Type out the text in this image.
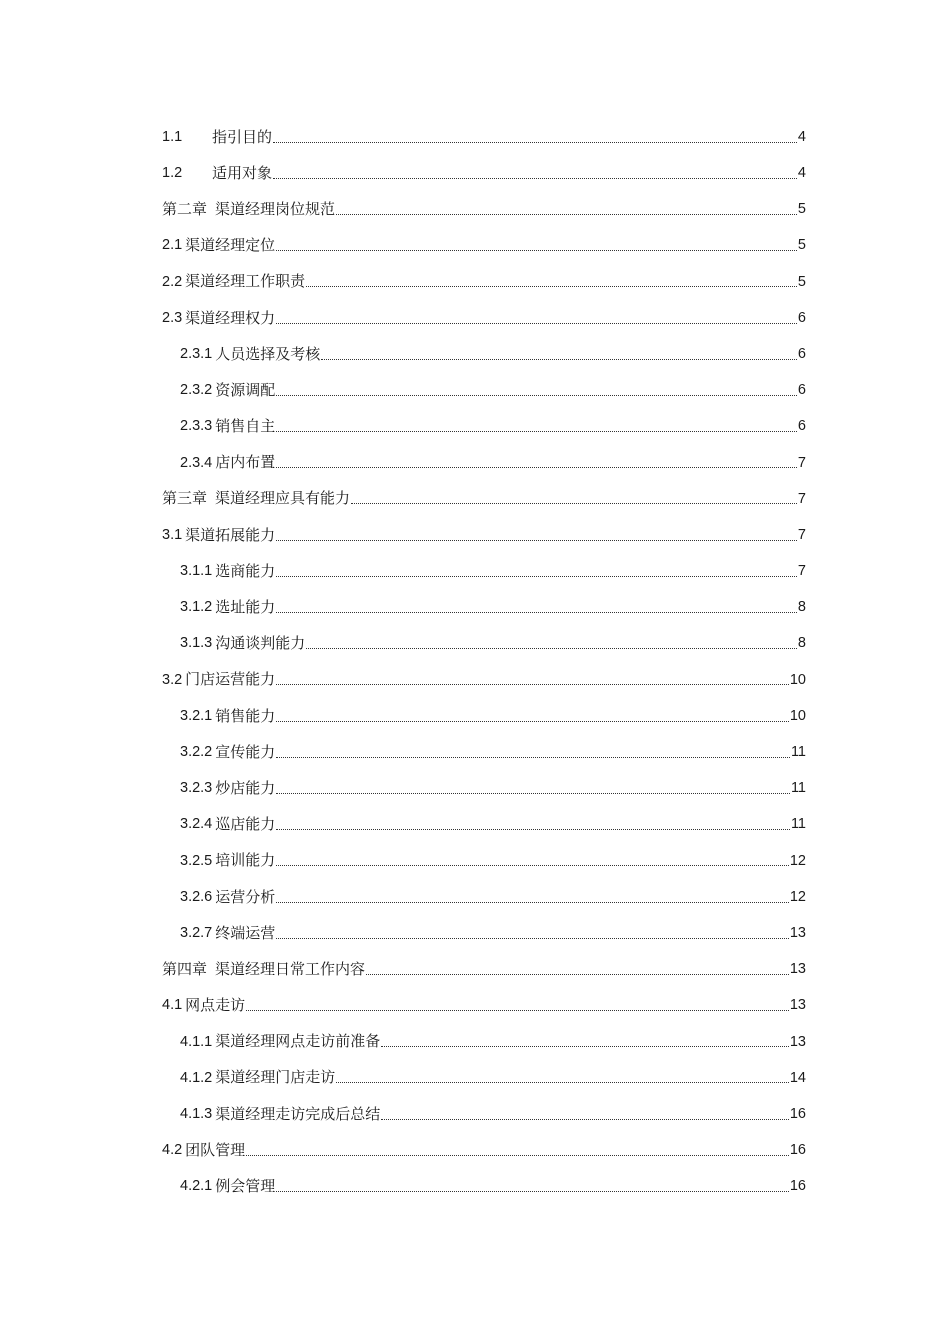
1.1	指引目的	4
1.2	适用对象	4
第二章 渠道经理岗位规范	5
2.1 渠道经理定位	5
2.2 渠道经理工作职责	5
2.3 渠道经理权力	6
2.3.1 人员选择及考核	6
2.3.2 资源调配	6
2.3.3 销售自主	6
2.3.4 店内布置	7
第三章 渠道经理应具有能力	7
3.1 渠道拓展能力	7
3.1.1 选商能力	7
3.1.2 选址能力	8
3.1.3 沟通谈判能力	8
3.2 门店运营能力	10
3.2.1 销售能力	10
3.2.2 宣传能力	11
3.2.3 炒店能力	11
3.2.4 巡店能力	11
3.2.5 培训能力	12
3.2.6 运营分析	12
3.2.7 终端运营	13
第四章 渠道经理日常工作内容	13
4.1 网点走访	13
4.1.1 渠道经理网点走访前准备	13
4.1.2 渠道经理门店走访	14
4.1.3 渠道经理走访完成后总结	16
4.2 团队管理	16
4.2.1 例会管理	16
